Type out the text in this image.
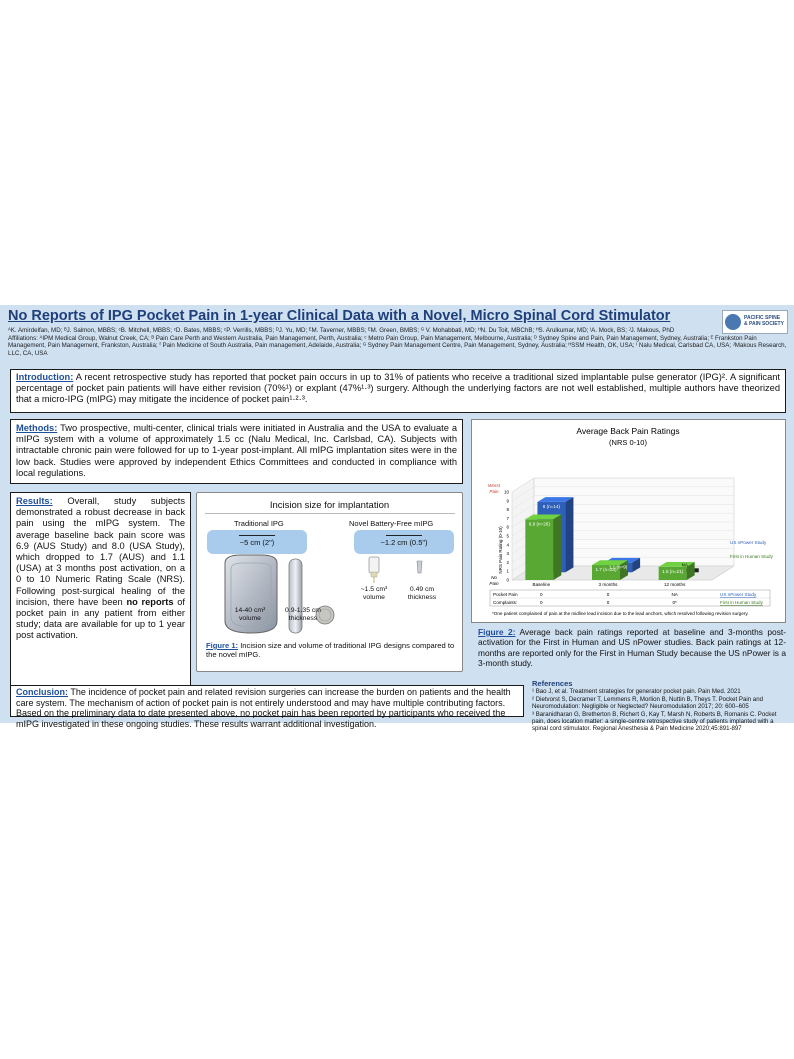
No Reports of IPG Pocket Pain in 1-year Clinical Data with a Novel, Micro Spinal Cord Stimulator

ᴬK. Amirdelfan, MD; ᴮJ. Salmon, MBBS; ᶜB. Mitchell, MBBS; ᶜD. Bates, MBBS; ᶜP. Verrills, MBBS; ᴰJ. Yu, MD; ᴱM. Taverner, MBBS; ᴱM. Green, BMBS; ᴳ V. Mohabbati, MD; ᴴN. Du Toit, MBChB; ᴴS. Arulkumar, MD; ᴵA. Mock, BS; ᴶJ. Makous, PhD

Affiliations: ᴬIPM Medical Group, Walnut Creek, CA; ᴮ Pain Care Perth and Western Australia, Pain Management, Perth, Australia; ᶜ Metro Pain Group, Pain Management, Melbourne, Australia; ᴰ Sydney Spine and Pain, Pain Management, Sydney, Australia; ᴱ Frankston Pain Management, Pain Management, Frankston, Australia; ᶠ Pain Medicine of South Australia, Pain management, Adelaide, Australia; ᴳ Sydney Pain Management Centre, Pain Management, Sydney, Australia; ᴴSSM Health, OK, USA; ᴵ Nalu Medical, Carlsbad CA, USA; ᴶMakous Research, LLC, CA, USA

PACIFIC SPINE & PAIN SOCIETY
Introduction: A recent retrospective study has reported that pocket pain occurs in up to 31% of patients who receive a traditional sized implantable pulse generator (IPG)². A significant percentage of pocket pain patients will have either revision (70%¹) or explant (47%¹·³) surgery. Although the underlying factors are not well established, multiple authors have theorized that a micro-IPG (mIPG) may mitigate the incidence of pocket pain¹·²·³.
Methods: Two prospective, multi-center, clinical trials were initiated in Australia and the USA to evaluate a mIPG system with a volume of approximately 1.5 cc (Nalu Medical, Inc. Carlsbad, CA). Subjects with intractable chronic pain were followed for up to 1-year post-implant. All mIPG implantation sites were in the low back. Studies were approved by independent Ethics Committees and conducted in compliance with local regulations.
Results: Overall, study subjects demonstrated a robust decrease in back pain using the mIPG system. The average baseline back pain score was 6.9 (AUS Study) and 8.0 (USA Study), which dropped to 1.7 (AUS) and 1.1 (USA) at 3 months post activation, on a 0 to 10 Numeric Rating Scale (NRS). Following post-surgical healing of the incision, there have been no reports of pocket pain in any patient from either study; data are available for up to 1 year post activation.
Incision size for implantation
Traditional IPG
~5 cm (2")
Novel Battery-Free mIPG
~1.2 cm (0.5")

14-40 cm³
volume
0.9-1.35 cm
thickness
~1.5 cm³
volume
0.49 cm
thickness
Figure 1: Incision size and volume of traditional IPG designs compared to the novel mIPG.
Average Back Pain Ratings
(NRS 0-10)
0
1
2
3
4
5
6
7
8
9
10
Baseline	3 months	12 months
8 (n=14)
1.1 (n=9)	NA
6.9 (n=26)
1.7 (n=23)	1.5 (n=21)
NRS Pain Rating (0-10)
Worst
Pain
No
Pain
US nPower Study
First in Human Study
Pocket Pain	0	0	NA	US nPower Study
Complaints:	0	0	0*	First in Human Study
*One patient complained of pain at the midline lead incision due to the lead anchors, which resolved following revision surgery.
Figure 2: Average back pain ratings reported at baseline and 3-months post-activation for the First in Human and US nPower studies. Back pain ratings at 12-months are reported only for the First in Human Study because the US nPower is a 3-month study.
Conclusion: The incidence of pocket pain and related revision surgeries can increase the burden on patients and the health care system. The mechanism of action of pocket pain is not entirely understood and may have multiple contributing factors. Based on the preliminary data to date presented above, no pocket pain has been reported by participants who received the mIPG investigated in these ongoing studies. These results warrant additional investigation.
References
¹ Bao J, et al. Treatment strategies for generator pocket pain. Pain Med. 2021
² Dietvorst S, Decramer T, Lemmens R, Morlion B, Nuttin B, Theys T. Pocket Pain and Neuromodulation: Negligible or Neglected? Neuromodulation 2017; 20: 600–605
³ Baranidharan G, Bretherton B, Richert G, Kay T, Marsh N, Roberts B, Romanis C. Pocket pain, does location matter: a single-centre retrospective study of patients implanted with a spinal cord stimulator. Regional Anesthesia & Pain Medicine 2020;45:891-897
